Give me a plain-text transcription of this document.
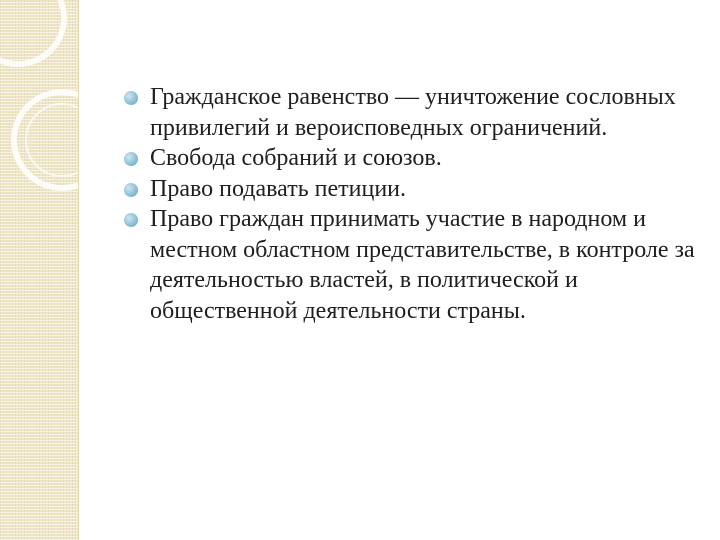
Гражданское равенство — уничтожение сословных привилегий и вероисповедных ограничений.
Свобода собраний и союзов.
Право подавать петиции.
Право граждан принимать участие в народном и местном областном представительстве, в контроле за деятельностью властей, в политической и общественной деятельности страны.
